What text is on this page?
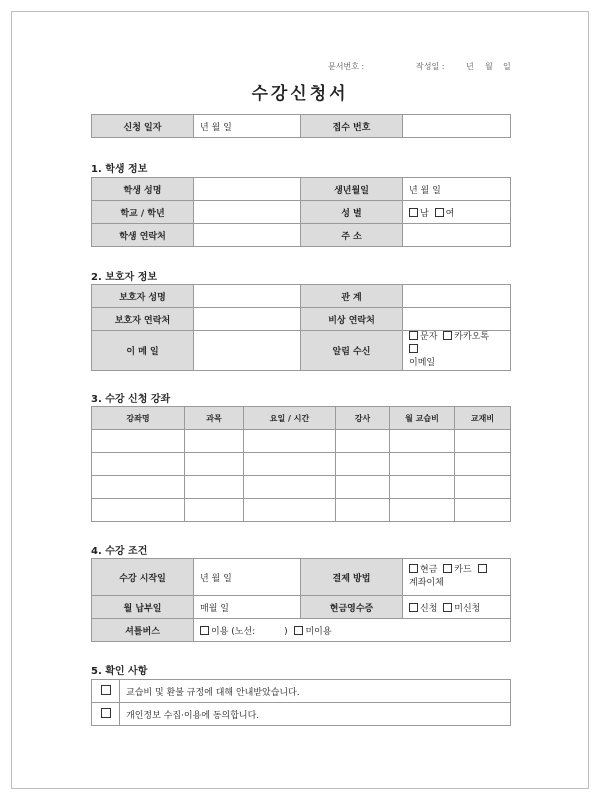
문서번호 :	작성일 :	년 월 일
수강신청서
신청 일자	년 월 일	접수 번호	
1. 학생 정보
학생 성명		생년월일	년 월 일
학교 / 학년		성 별	남 여
학생 연락처		주 소	
2. 보호자 정보
보호자 성명		관 계	
보호자 연락처		비상 연락처	
이 메 일		알림 수신	문자 카카오톡
이메일
3. 수강 신청 강좌
강좌명	과목	요일 / 시간	강사	월 교습비	교재비

4. 수강 조건
수강 시작일	년 월 일	결제 방법	현금 카드
계좌이체
월 납부일	매월 일	현금영수증	신청 미신청
셔틀버스	이용 (노선: ) 미이용		
5. 확인 사항
	교습비 및 환불 규정에 대해 안내받았습니다.
	개인정보 수집·이용에 동의합니다.
